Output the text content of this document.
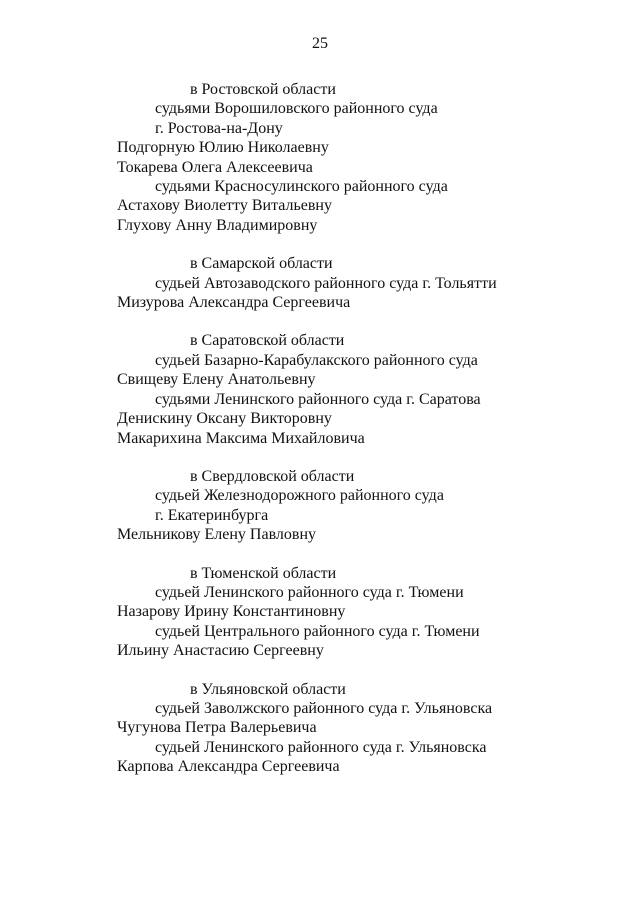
25
в Ростовской области
судьями Ворошиловского районного суда
г. Ростова-на-Дону
Подгорную Юлию Николаевну
Токарева Олега Алексеевича
судьями Красносулинского районного суда
Астахову Виолетту Витальевну
Глухову Анну Владимировну
в Самарской области
судьей Автозаводского районного суда г. Тольятти
Мизурова Александра Сергеевича
в Саратовской области
судьей Базарно-Карабулакского районного суда
Свищеву Елену Анатольевну
судьями Ленинского районного суда г. Саратова
Денискину Оксану Викторовну
Макарихина Максима Михайловича
в Свердловской области
судьей Железнодорожного районного суда
г. Екатеринбурга
Мельникову Елену Павловну
в Тюменской области
судьей Ленинского районного суда г. Тюмени
Назарову Ирину Константиновну
судьей Центрального районного суда г. Тюмени
Ильину Анастасию Сергеевну
в Ульяновской области
судьей Заволжского районного суда г. Ульяновска
Чугунова Петра Валерьевича
судьей Ленинского районного суда г. Ульяновска
Карпова Александра Сергеевича
